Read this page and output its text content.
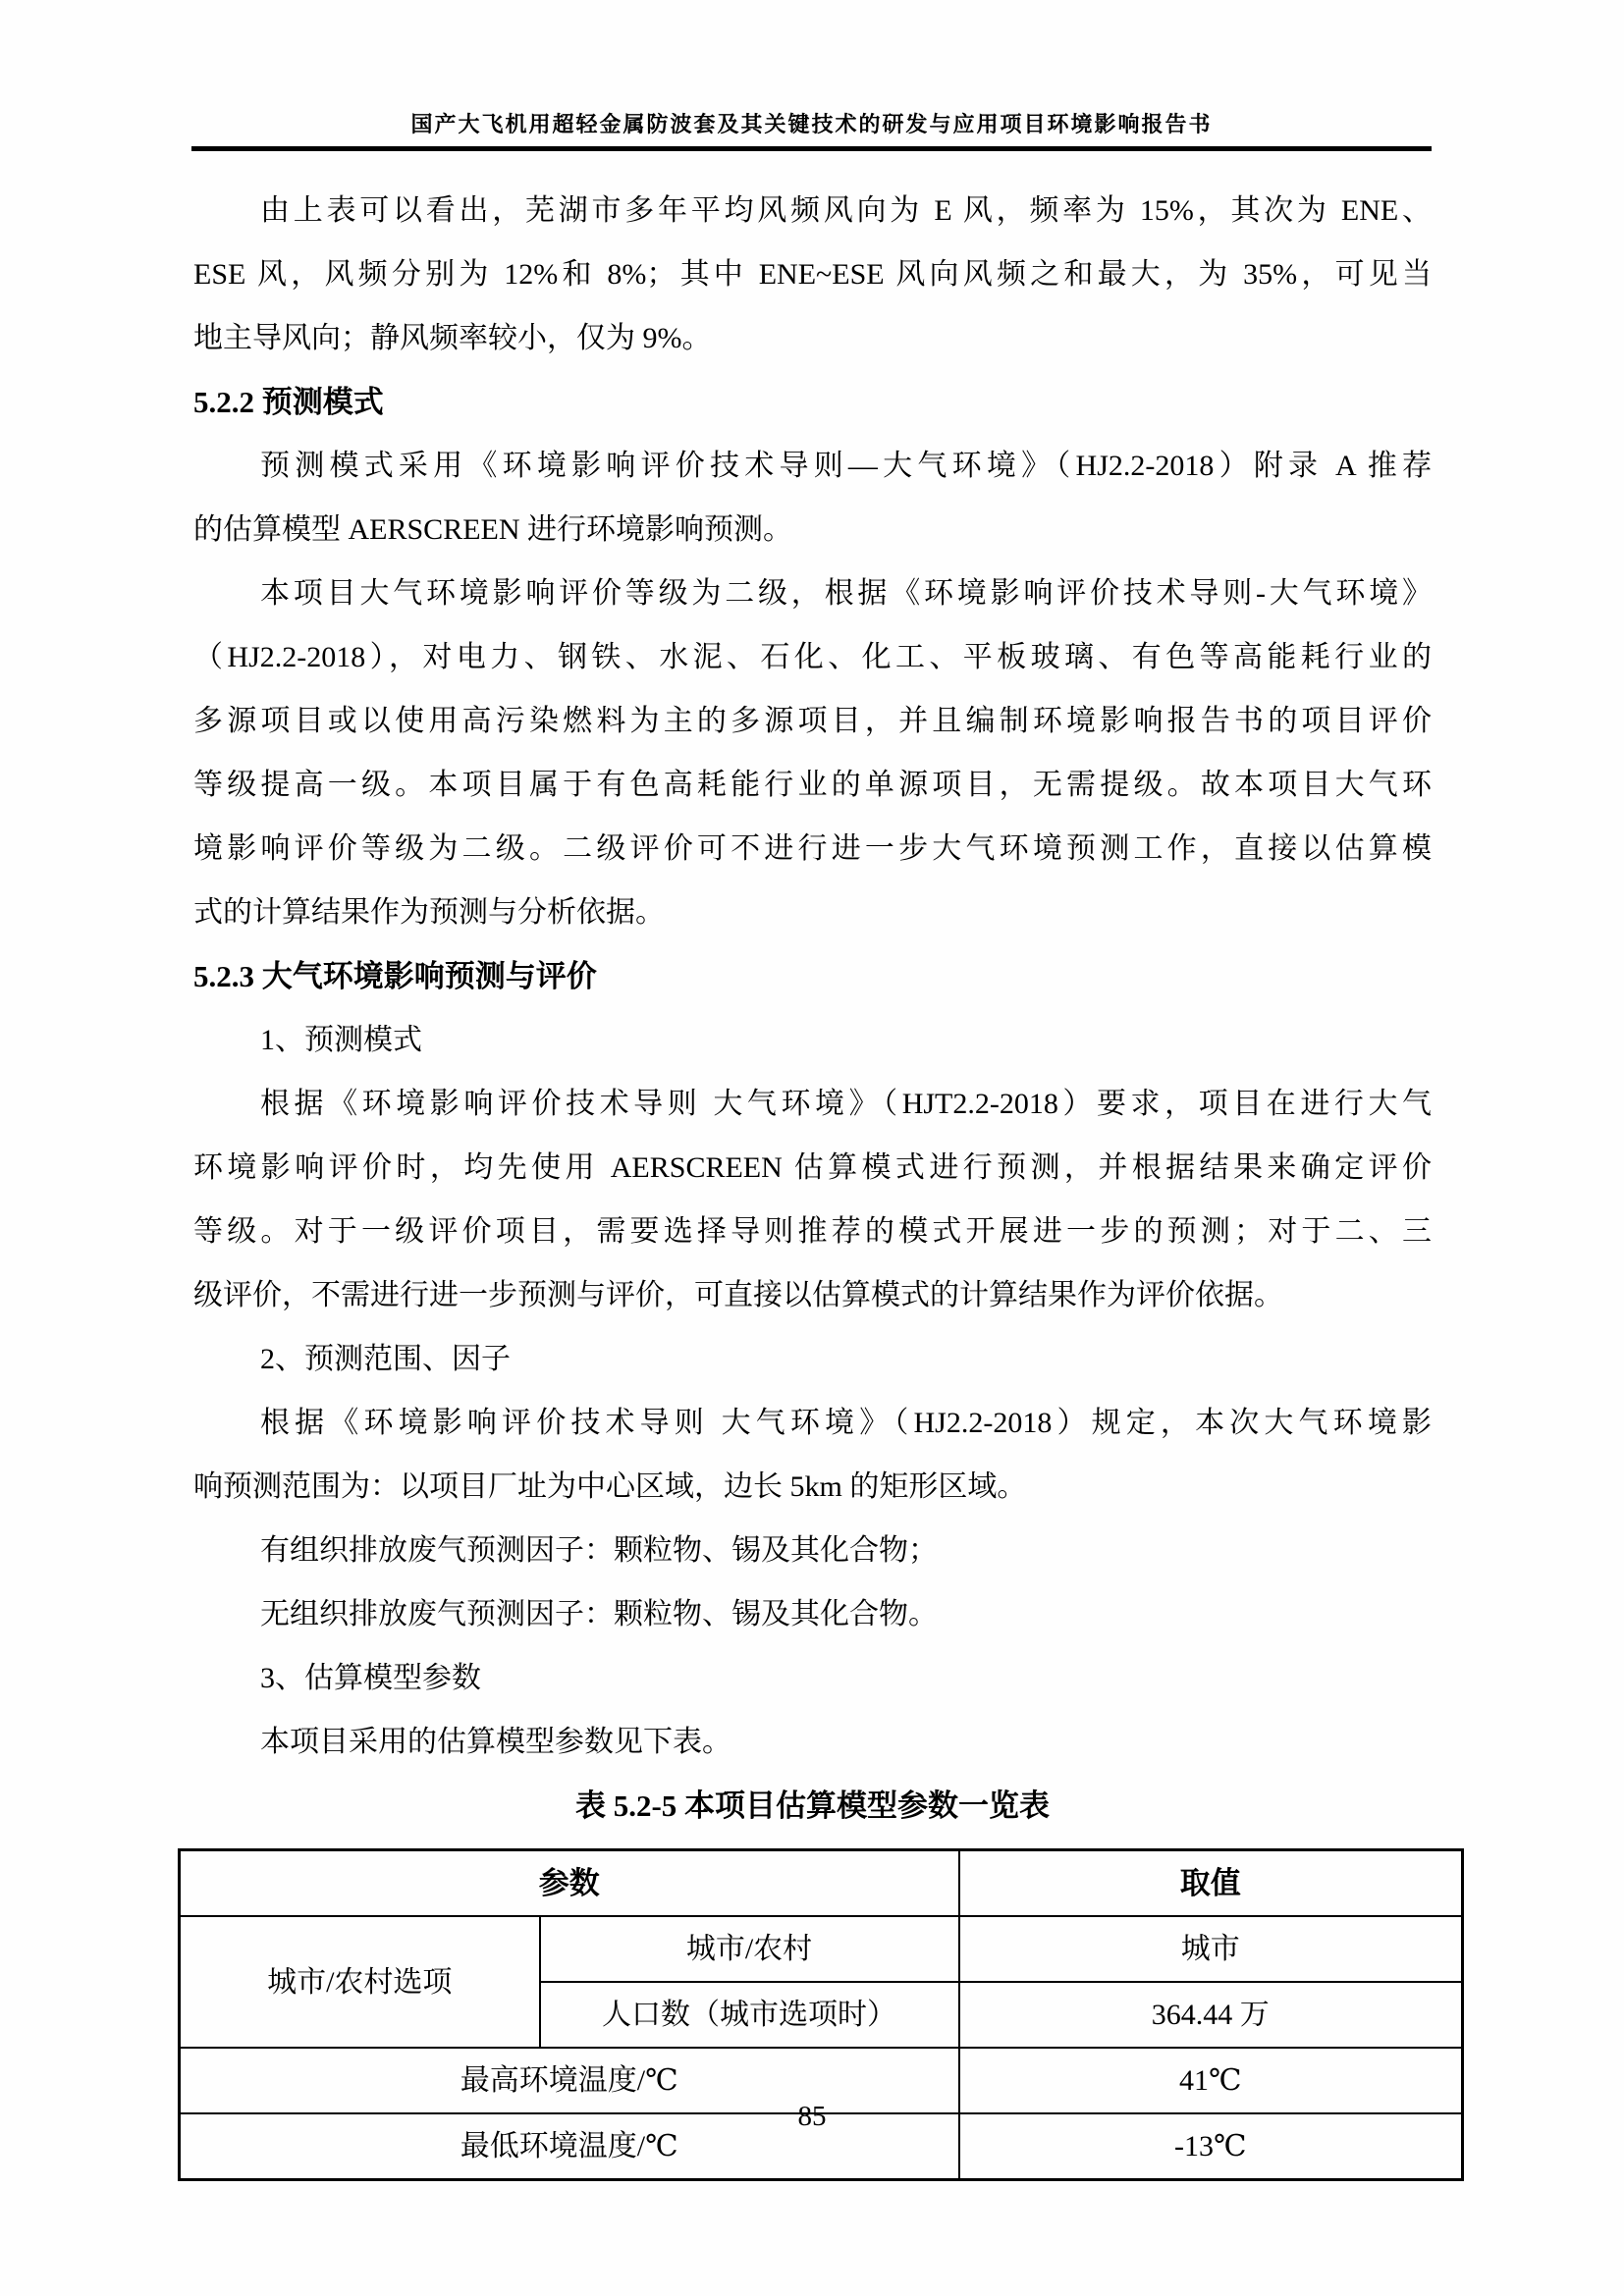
国产大飞机用超轻金属防波套及其关键技术的研发与应用项目环境影响报告书
由上表可以看出，芜湖市多年平均风频风向为 E 风，频率为 15%，其次为 ENE、
ESE 风，风频分别为 12%和 8%；其中 ENE~ESE 风向风频之和最大，为 35%，可见当
地主导风向；静风频率较小，仅为 9%。
5.2.2 预测模式
预测模式采用《环境影响评价技术导则—大气环境》（HJ2.2-2018）附录 A 推荐
的估算模型 AERSCREEN 进行环境影响预测。
本项目大气环境影响评价等级为二级，根据《环境影响评价技术导则-大气环境》
（HJ2.2-2018），对电力、钢铁、水泥、石化、化工、平板玻璃、有色等高能耗行业的
多源项目或以使用高污染燃料为主的多源项目，并且编制环境影响报告书的项目评价
等级提高一级。本项目属于有色高耗能行业的单源项目，无需提级。故本项目大气环
境影响评价等级为二级。二级评价可不进行进一步大气环境预测工作，直接以估算模
式的计算结果作为预测与分析依据。
5.2.3 大气环境影响预测与评价
1、预测模式
根据《环境影响评价技术导则 大气环境》（HJT2.2-2018）要求，项目在进行大气
环境影响评价时，均先使用 AERSCREEN 估算模式进行预测，并根据结果来确定评价
等级。对于一级评价项目，需要选择导则推荐的模式开展进一步的预测；对于二、三
级评价，不需进行进一步预测与评价，可直接以估算模式的计算结果作为评价依据。
2、预测范围、因子
根据《环境影响评价技术导则 大气环境》（HJ2.2-2018）规定，本次大气环境影
响预测范围为：以项目厂址为中心区域，边长 5km 的矩形区域。
有组织排放废气预测因子：颗粒物、锡及其化合物；
无组织排放废气预测因子：颗粒物、锡及其化合物。
3、估算模型参数
本项目采用的估算模型参数见下表。
表 5.2-5 本项目估算模型参数一览表
参数		取值
城市/农村选项	城市/农村	城市
	人口数（城市选项时）	364.44 万
最高环境温度/℃		41℃
最低环境温度/℃		-13℃
85
